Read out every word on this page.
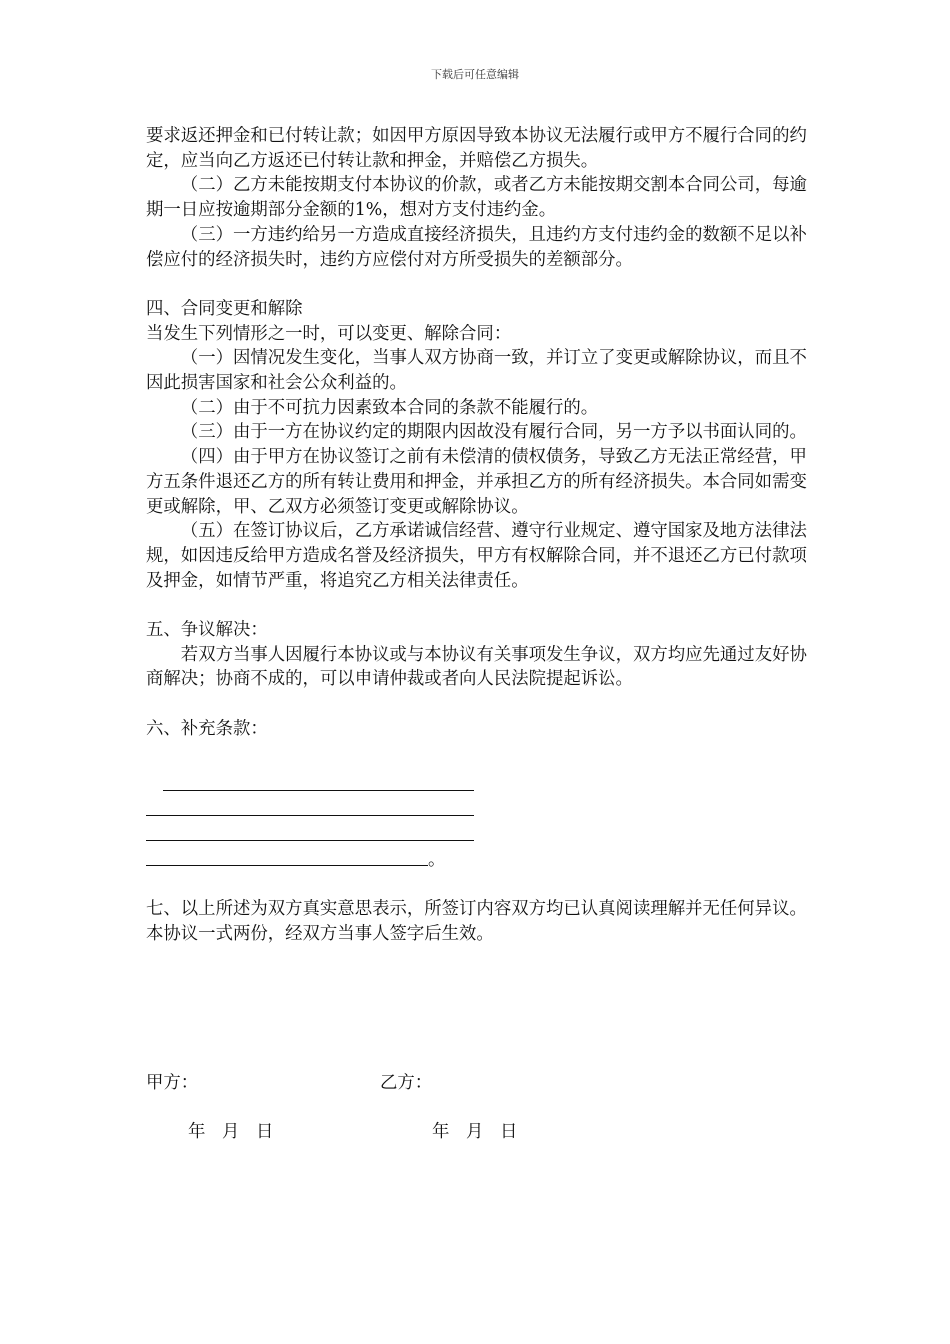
下载后可任意编辑

要求返还押金和已付转让款；如因甲方原因导致本协议无法履行或甲方不履行合同的约定，应当向乙方返还已付转让款和押金，并赔偿乙方损失。

（二）乙方未能按期支付本协议的价款，或者乙方未能按期交割本合同公司，每逾期一日应按逾期部分金额的1%，想对方支付违约金。

（三）一方违约给另一方造成直接经济损失，且违约方支付违约金的数额不足以补偿应付的经济损失时，违约方应偿付对方所受损失的差额部分。

四、合同变更和解除

当发生下列情形之一时，可以变更、解除合同：

（一）因情况发生变化，当事人双方协商一致，并订立了变更或解除协议，而且不因此损害国家和社会公众利益的。

（二）由于不可抗力因素致本合同的条款不能履行的。

（三）由于一方在协议约定的期限内因故没有履行合同，另一方予以书面认同的。

（四）由于甲方在协议签订之前有未偿清的债权债务，导致乙方无法正常经营，甲方五条件退还乙方的所有转让费用和押金，并承担乙方的所有经济损失。本合同如需变更或解除，甲、乙双方必须签订变更或解除协议。

（五）在签订协议后，乙方承诺诚信经营、遵守行业规定、遵守国家及地方法律法规，如因违反给甲方造成名誉及经济损失，甲方有权解除合同，并不退还乙方已付款项及押金，如情节严重，将追究乙方相关法律责任。

五、争议解决：

若双方当事人因履行本协议或与本协议有关事项发生争议，双方均应先通过友好协商解决；协商不成的，可以申请仲裁或者向人民法院提起诉讼。

六、补充条款：

。

七、以上所述为双方真实意思表示，所签订内容双方均已认真阅读理解并无任何异议。本协议一式两份，经双方当事人签字后生效。

甲方：	乙方：
年   月   日	年   月   日
